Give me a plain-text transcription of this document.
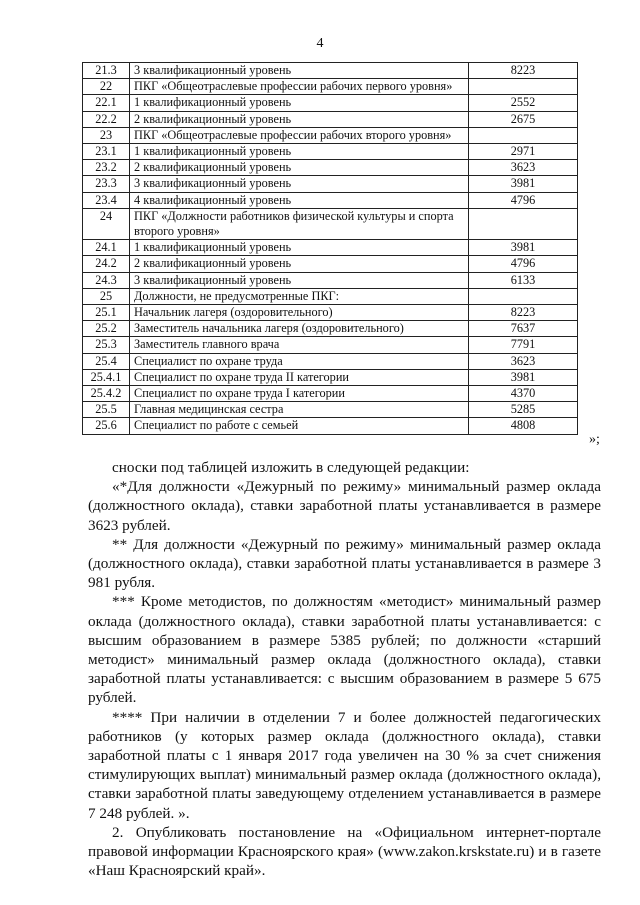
4
21.3	3 квалификационный уровень	8223
22	ПКГ «Общеотраслевые профессии рабочих первого уровня»	
22.1	1 квалификационный уровень	2552
22.2	2 квалификационный уровень	2675
23	ПКГ «Общеотраслевые профессии рабочих второго уровня»	
23.1	1 квалификационный уровень	2971
23.2	2 квалификационный уровень	3623
23.3	3 квалификационный уровень	3981
23.4	4 квалификационный уровень	4796
24	ПКГ «Должности работников физической культуры и спорта второго уровня»	
24.1	1 квалификационный уровень	3981
24.2	2 квалификационный уровень	4796
24.3	3 квалификационный уровень	6133
25	Должности, не предусмотренные ПКГ:	
25.1	Начальник лагеря (оздоровительного)	8223
25.2	Заместитель начальника лагеря (оздоровительного)	7637
25.3	Заместитель главного врача	7791
25.4	Специалист по охране труда	3623
25.4.1	Специалист по охране труда II категории	3981
25.4.2	Специалист по охране труда I категории	4370
25.5	Главная медицинская сестра	5285
25.6	Специалист по работе с семьей	4808
»;

сноски под таблицей изложить в следующей редакции:

«*Для должности «Дежурный по режиму» минимальный размер оклада (должностного оклада), ставки заработной платы устанавливается в размере 3623 рублей.

** Для должности «Дежурный по режиму» минимальный размер оклада (должностного оклада), ставки заработной платы устанавливается в размере 3 981 рубля.

*** Кроме методистов, по должностям «методист» минимальный размер оклада (должностного оклада), ставки заработной платы устанавливается: с высшим образованием в размере 5385 рублей; по должности «старший методист» минимальный размер оклада (должностного оклада), ставки заработной платы устанавливается: с высшим образованием в размере 5 675 рублей.

**** При наличии в отделении 7 и более должностей педагогических работников (у которых размер оклада (должностного оклада), ставки заработной платы с 1 января 2017 года увеличен на 30 % за счет снижения стимулирующих выплат) минимальный размер оклада (должностного оклада), ставки заработной платы заведующему отделением устанавливается в размере 7 248 рублей. ».

2. Опубликовать постановление на «Официальном интернет-портале правовой информации Красноярского края» (www.zakon.krskstate.ru) и в газете «Наш Красноярский край».
